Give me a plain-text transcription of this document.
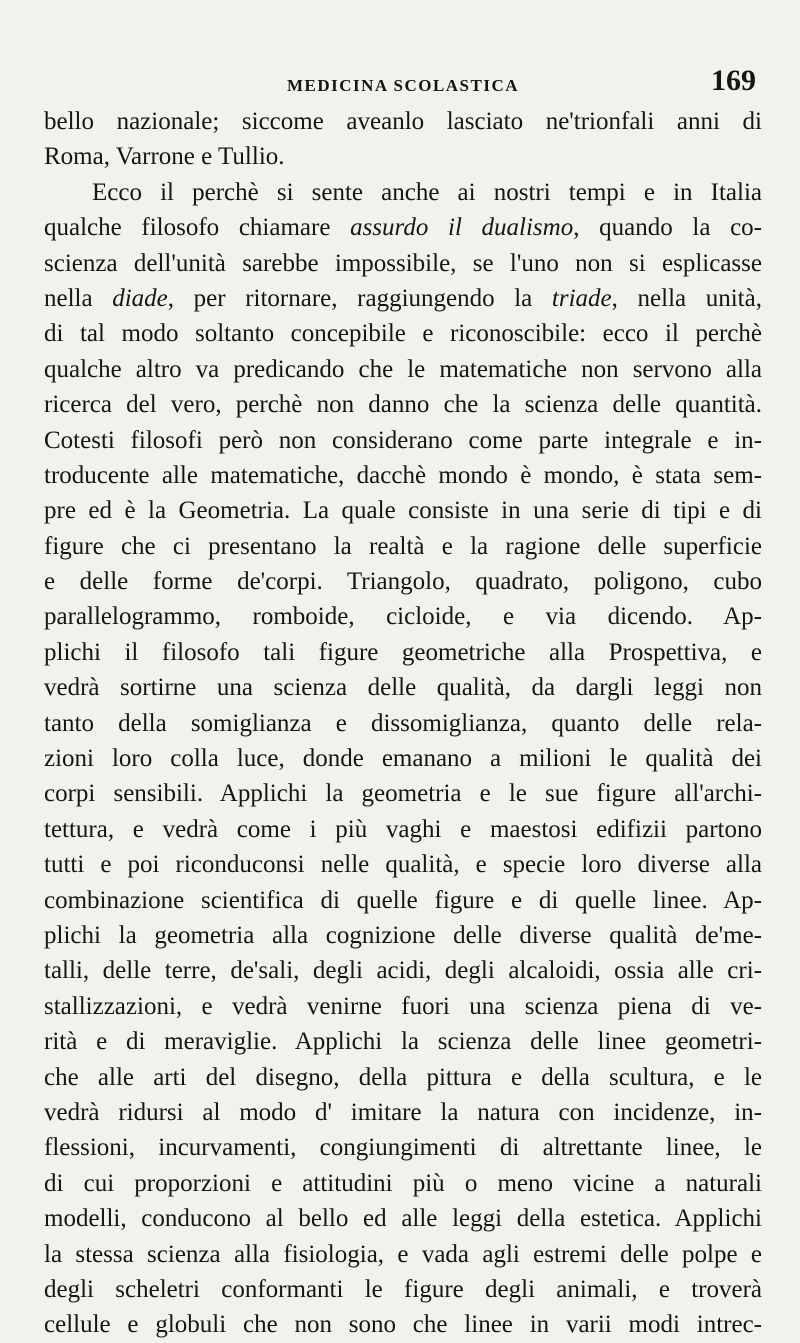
MEDICINA SCOLASTICA	169
bello nazionale; siccome aveanlo lasciato ne'trionfali anni di
Roma, Varrone e Tullio.
Ecco il perchè si sente anche ai nostri tempi e in Italia
qualche filosofo chiamare assurdo il dualismo, quando la co-
scienza dell'unità sarebbe impossibile, se l'uno non si esplicasse
nella diade, per ritornare, raggiungendo la triade, nella unità,
di tal modo soltanto concepibile e riconoscibile: ecco il perchè
qualche altro va predicando che le matematiche non servono alla
ricerca del vero, perchè non danno che la scienza delle quantità.
Cotesti filosofi però non considerano come parte integrale e in-
troducente alle matematiche, dacchè mondo è mondo, è stata sem-
pre ed è la Geometria. La quale consiste in una serie di tipi e di
figure che ci presentano la realtà e la ragione delle superficie
e delle forme de'corpi. Triangolo, quadrato, poligono, cubo
parallelogrammo, romboide, cicloide, e via dicendo. Ap-
plichi il filosofo tali figure geometriche alla Prospettiva, e
vedrà sortirne una scienza delle qualità, da dargli leggi non
tanto della somiglianza e dissomiglianza, quanto delle rela-
zioni loro colla luce, donde emanano a milioni le qualità dei
corpi sensibili. Applichi la geometria e le sue figure all'archi-
tettura, e vedrà come i più vaghi e maestosi edifizii partono
tutti e poi riconduconsi nelle qualità, e specie loro diverse alla
combinazione scientifica di quelle figure e di quelle linee. Ap-
plichi la geometria alla cognizione delle diverse qualità de'me-
talli, delle terre, de'sali, degli acidi, degli alcaloidi, ossia alle cri-
stallizzazioni, e vedrà venirne fuori una scienza piena di ve-
rità e di meraviglie. Applichi la scienza delle linee geometri-
che alle arti del disegno, della pittura e della scultura, e le
vedrà ridursi al modo d' imitare la natura con incidenze, in-
flessioni, incurvamenti, congiungimenti di altrettante linee, le
di cui proporzioni e attitudini più o meno vicine a naturali
modelli, conducono al bello ed alle leggi della estetica. Applichi
la stessa scienza alla fisiologia, e vada agli estremi delle polpe e
degli scheletri conformanti le figure degli animali, e troverà
cellule e globuli che non sono che linee in varii modi intrec-
